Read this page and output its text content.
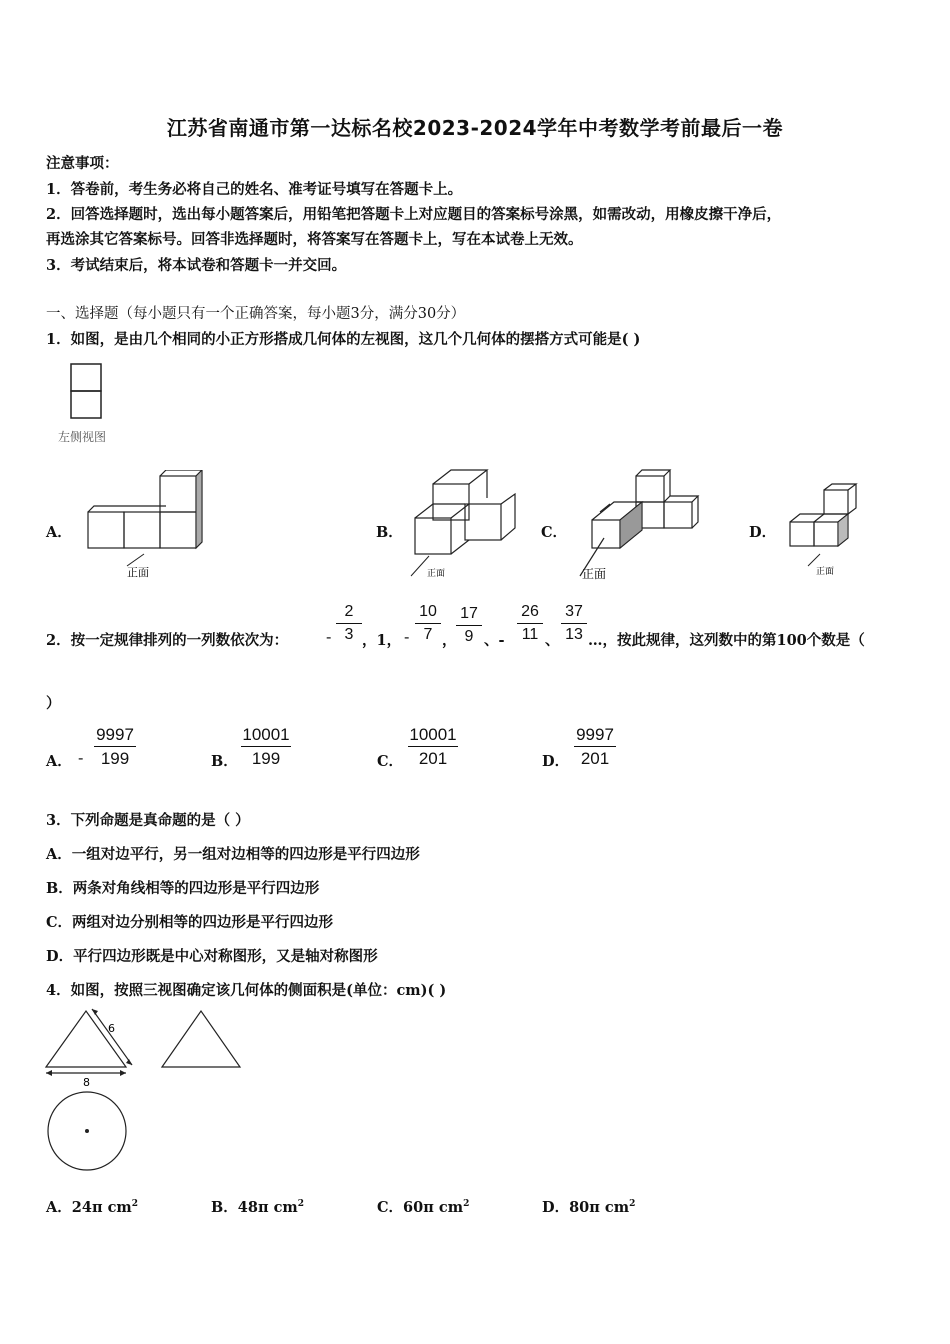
江苏省南通市第一达标名校2023-2024学年中考数学考前最后一卷
注意事项：
1．答卷前，考生务必将自己的姓名、准考证号填写在答题卡上。
2．回答选择题时，选出每小题答案后，用铅笔把答题卡上对应题目的答案标号涂黑，如需改动，用橡皮擦干净后，
再选涂其它答案标号。回答非选择题时，将答案写在答题卡上，写在本试卷上无效。
3．考试结束后，将本试卷和答题卡一并交回。
一、选择题（每小题只有一个正确答案，每小题3分，满分30分）
1．如图，是由几个相同的小正方形搭成几何体的左视图，这几个几何体的摆搭方式可能是( )
左侧视图
A．
正面
B．
正面
C．
正面
D．
正面
2．按一定规律排列的一列数依次为： -
2
3 ，1， -
10
7 ，
17
9 、-
26
11 、
37
13 …，按此规律，这列数中的第100个数是（
）
A． -
9997
199	B．
10001
199	C．
10001
201	D．
9997
201
3．下列命题是真命题的是（ ）
A．一组对边平行，另一组对边相等的四边形是平行四边形
B．两条对角线相等的四边形是平行四边形
C．两组对边分别相等的四边形是平行四边形
D．平行四边形既是中心对称图形，又是轴对称图形
4．如图，按照三视图确定该几何体的侧面积是(单位：cm)( )
6
8
A．24π $cm^2$	B．48π $cm^2$	C．60π $cm^2$	D．80π $cm^2$
